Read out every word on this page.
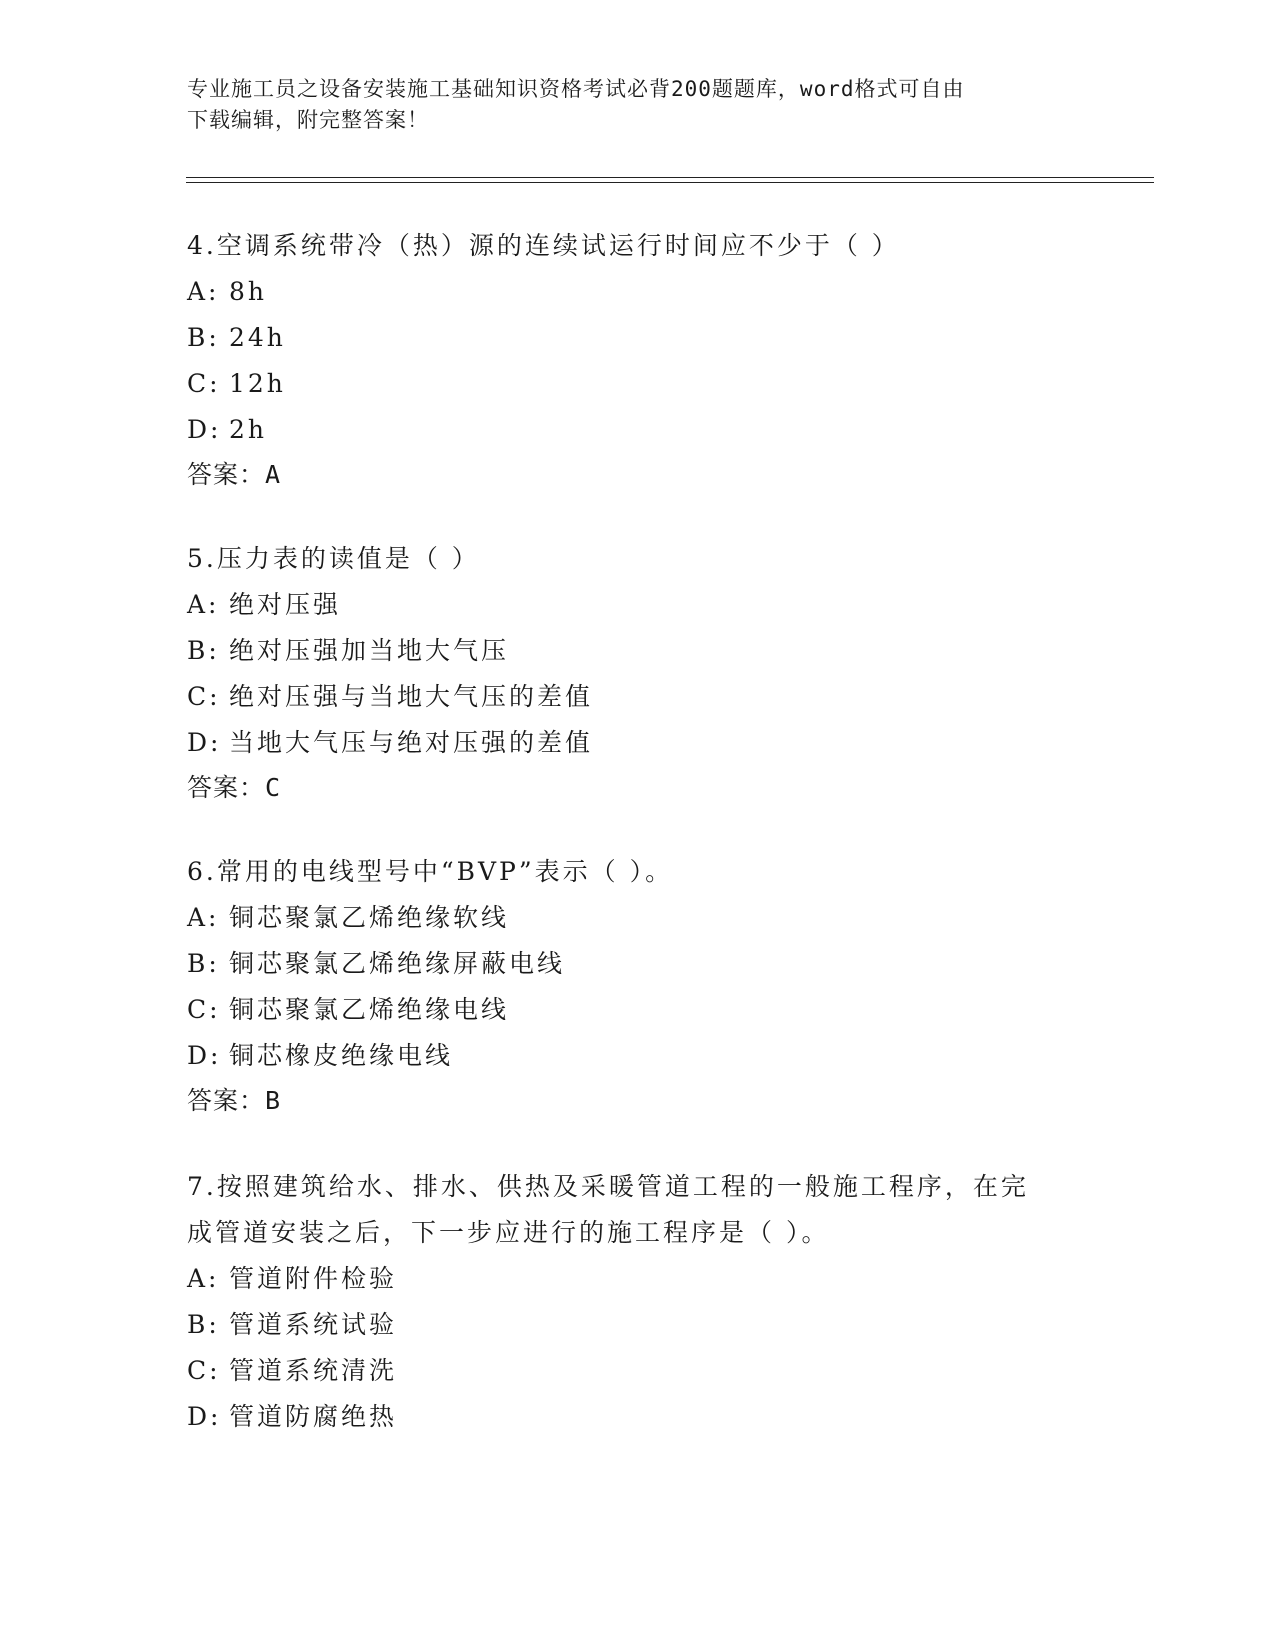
专业施工员之设备安装施工基础知识资格考试必背200题题库，word格式可自由
下载编辑，附完整答案！
4.空调系统带冷（热）源的连续试运行时间应不少于（ ）
A: 8h
B: 24h
C: 12h
D: 2h
答案：A
5.压力表的读值是（ ）
A: 绝对压强
B: 绝对压强加当地大气压
C: 绝对压强与当地大气压的差值
D: 当地大气压与绝对压强的差值
答案：C
6.常用的电线型号中“BVP”表示（ ）。
A: 铜芯聚氯乙烯绝缘软线
B: 铜芯聚氯乙烯绝缘屏蔽电线
C: 铜芯聚氯乙烯绝缘电线
D: 铜芯橡皮绝缘电线
答案：B
7.按照建筑给水、排水、供热及采暖管道工程的一般施工程序，在完成管道安装之后，下一步应进行的施工程序是（ ）。
A: 管道附件检验
B: 管道系统试验
C: 管道系统清洗
D: 管道防腐绝热
